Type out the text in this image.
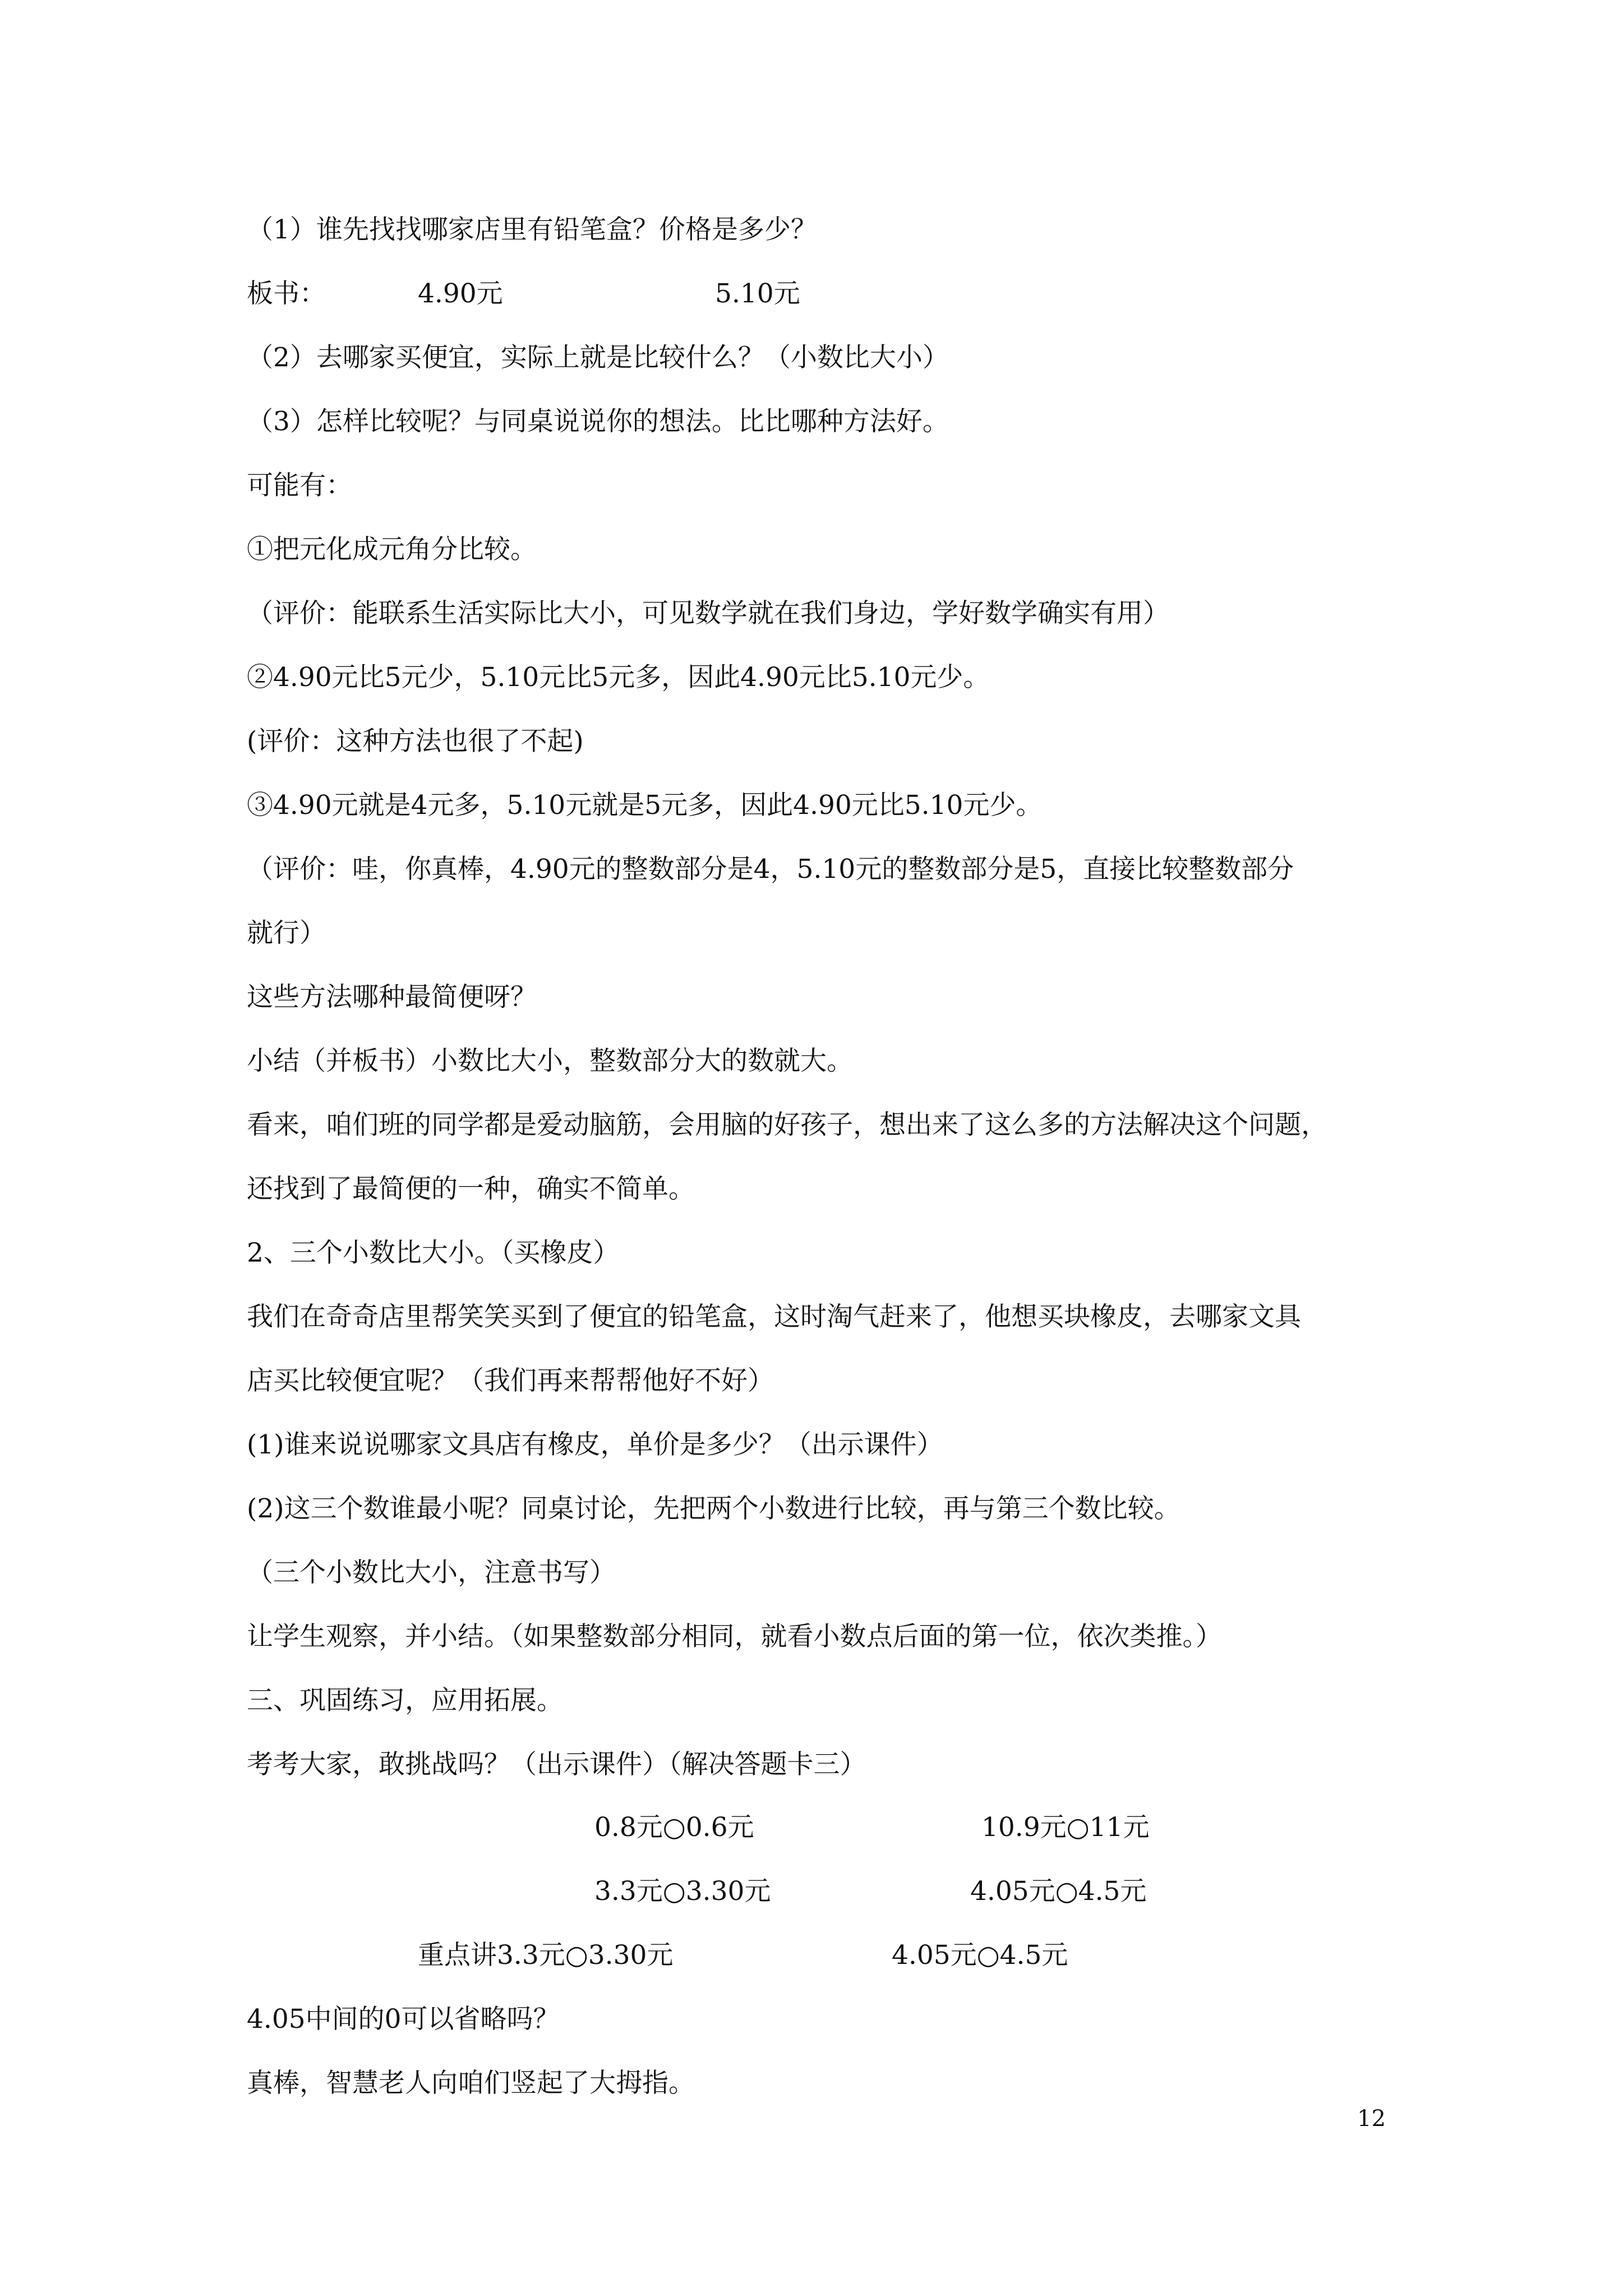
（1）谁先找找哪家店里有铅笔盒？价格是多少？
板书：	4.90元	5.10元
（2）去哪家买便宜，实际上就是比较什么？（小数比大小）
（3）怎样比较呢？与同桌说说你的想法。比比哪种方法好。
可能有：
①把元化成元角分比较。
（评价：能联系生活实际比大小，可见数学就在我们身边，学好数学确实有用）
②4.90元比5元少，5.10元比5元多，因此4.90元比5.10元少。
(评价：这种方法也很了不起)
③4.90元就是4元多，5.10元就是5元多，因此4.90元比5.10元少。
（评价：哇，你真棒，4.90元的整数部分是4，5.10元的整数部分是5，直接比较整数部分
就行）
这些方法哪种最简便呀？
小结（并板书）小数比大小，整数部分大的数就大。
看来，咱们班的同学都是爱动脑筋，会用脑的好孩子，想出来了这么多的方法解决这个问题，
还找到了最简便的一种，确实不简单。
2、三个小数比大小。（买橡皮）
我们在奇奇店里帮笑笑买到了便宜的铅笔盒，这时淘气赶来了，他想买块橡皮，去哪家文具
店买比较便宜呢？（我们再来帮帮他好不好）
(1)谁来说说哪家文具店有橡皮，单价是多少？（出示课件）
(2)这三个数谁最小呢？同桌讨论，先把两个小数进行比较，再与第三个数比较。
（三个小数比大小，注意书写）
让学生观察，并小结。（如果整数部分相同，就看小数点后面的第一位，依次类推。）
三、巩固练习，应用拓展。
考考大家，敢挑战吗？（出示课件）（解决答题卡三）
0.8元○0.6元	10.9元○11元
3.3元○3.30元	4.05元○4.5元
重点讲3.3元○3.30元	4.05元○4.5元
4.05中间的0可以省略吗？
真棒，智慧老人向咱们竖起了大拇指。
12
